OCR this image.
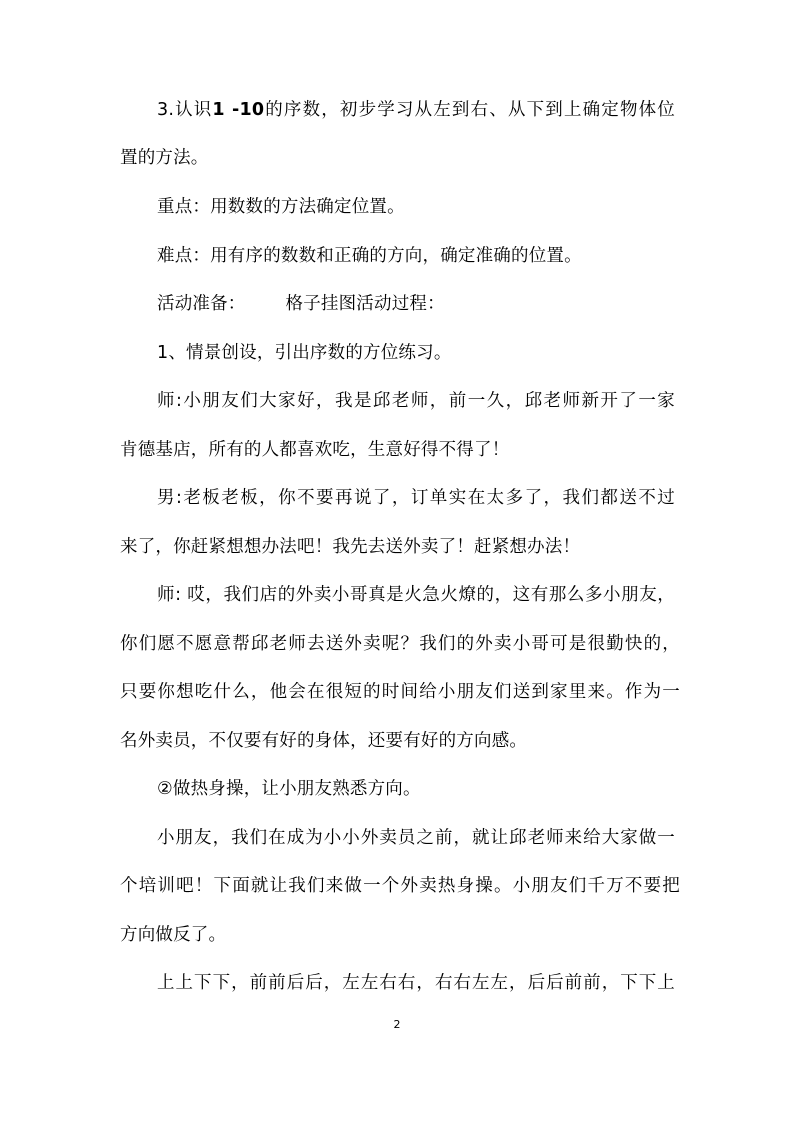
3.认识1 -10的序数，初步学习从左到右、从下到上确定物体位
置的方法。
重点：用数数的方法确定位置。
难点：用有序的数数和正确的方向，确定准确的位置。
活动准备： 格子挂图活动过程：
1、情景创设，引出序数的方位练习。
师:小朋友们大家好，我是邱老师，前一久，邱老师新开了一家
肯德基店，所有的人都喜欢吃，生意好得不得了！
男:老板老板，你不要再说了，订单实在太多了，我们都送不过
来了，你赶紧想想办法吧！我先去送外卖了！赶紧想办法！
师: 哎，我们店的外卖小哥真是火急火燎的，这有那么多小朋友，
你们愿不愿意帮邱老师去送外卖呢？我们的外卖小哥可是很勤快的，
只要你想吃什么，他会在很短的时间给小朋友们送到家里来。作为一
名外卖员，不仅要有好的身体，还要有好的方向感。
②做热身操，让小朋友熟悉方向。
小朋友，我们在成为小小外卖员之前，就让邱老师来给大家做一
个培训吧！下面就让我们来做一个外卖热身操。小朋友们千万不要把
方向做反了。
上上下下，前前后后，左左右右，右右左左，后后前前，下下上
2
